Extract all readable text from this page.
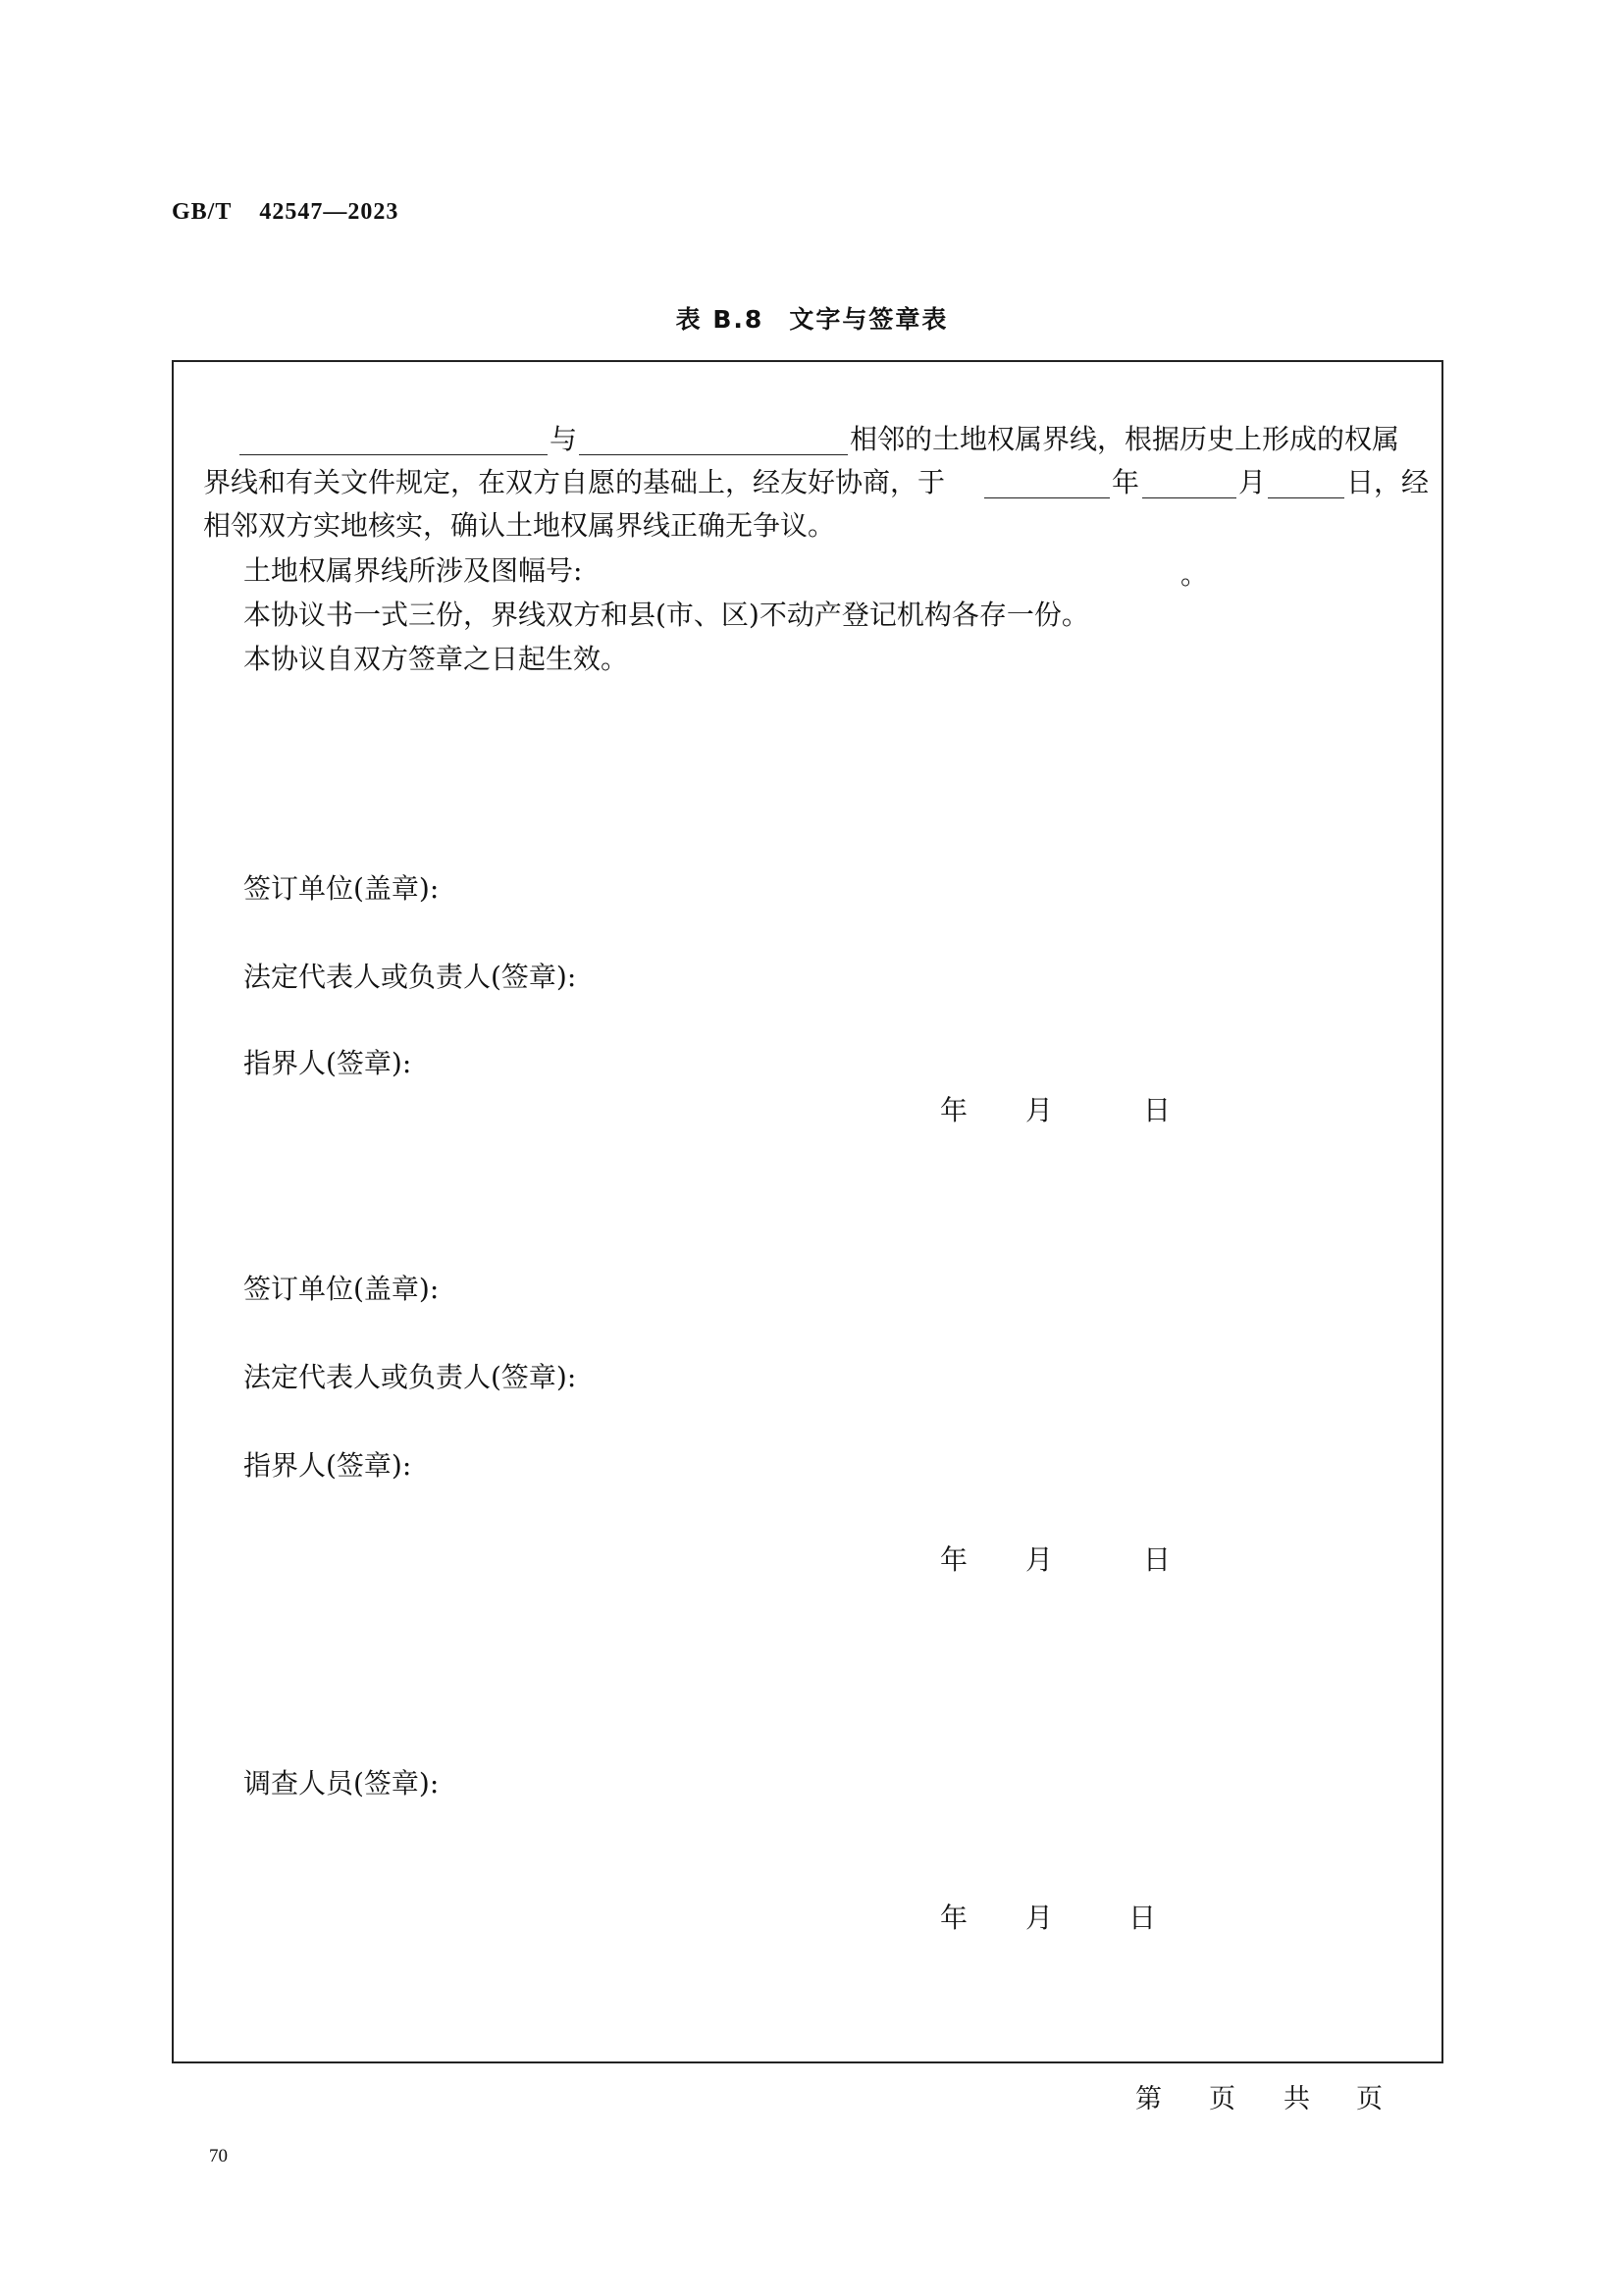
GB/T 42547—2023
表 B.8 文字与签章表
与	相邻的土地权属界线，根据历史上形成的权属
界线和有关文件规定，在双方自愿的基础上，经友好协商，于	年	月	日，经
相邻双方实地核实，确认土地权属界线正确无争议。
土地权属界线所涉及图幅号:	。
本协议书一式三份，界线双方和县(市、区)不动产登记机构各存一份。
本协议自双方签章之日起生效。
签订单位(盖章):
法定代表人或负责人(签章):
指界人(签章):
年 月	日
签订单位(盖章):
法定代表人或负责人(签章):
指界人(签章):
年 月	日
调查人员(签章):
年 月	日
第 页 共 页
70
